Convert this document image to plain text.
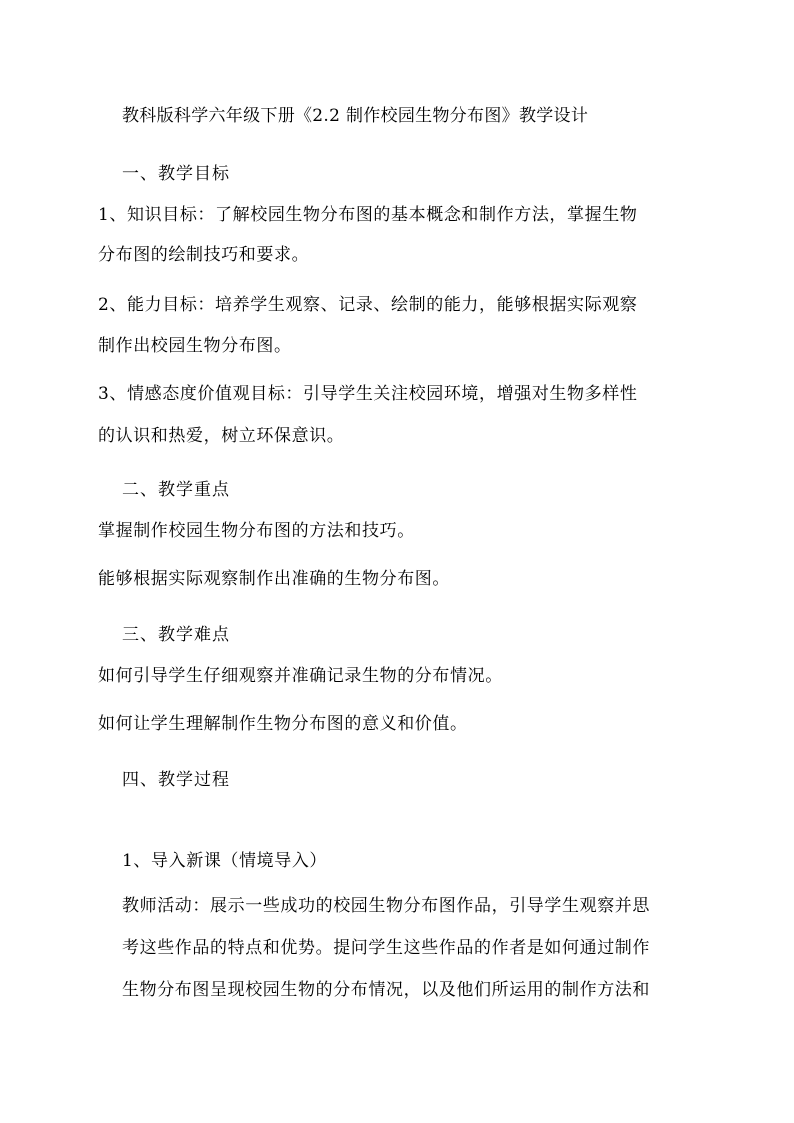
教科版科学六年级下册《2.2 制作校园生物分布图》教学设计
一、教学目标
1、知识目标：了解校园生物分布图的基本概念和制作方法，掌握生物
分布图的绘制技巧和要求。
2、能力目标：培养学生观察、记录、绘制的能力，能够根据实际观察
制作出校园生物分布图。
3、情感态度价值观目标：引导学生关注校园环境，增强对生物多样性
的认识和热爱，树立环保意识。
二、教学重点
掌握制作校园生物分布图的方法和技巧。
能够根据实际观察制作出准确的生物分布图。
三、教学难点
如何引导学生仔细观察并准确记录生物的分布情况。
如何让学生理解制作生物分布图的意义和价值。
四、教学过程
1、导入新课（情境导入）
教师活动：展示一些成功的校园生物分布图作品，引导学生观察并思
考这些作品的特点和优势。提问学生这些作品的作者是如何通过制作
生物分布图呈现校园生物的分布情况，以及他们所运用的制作方法和
